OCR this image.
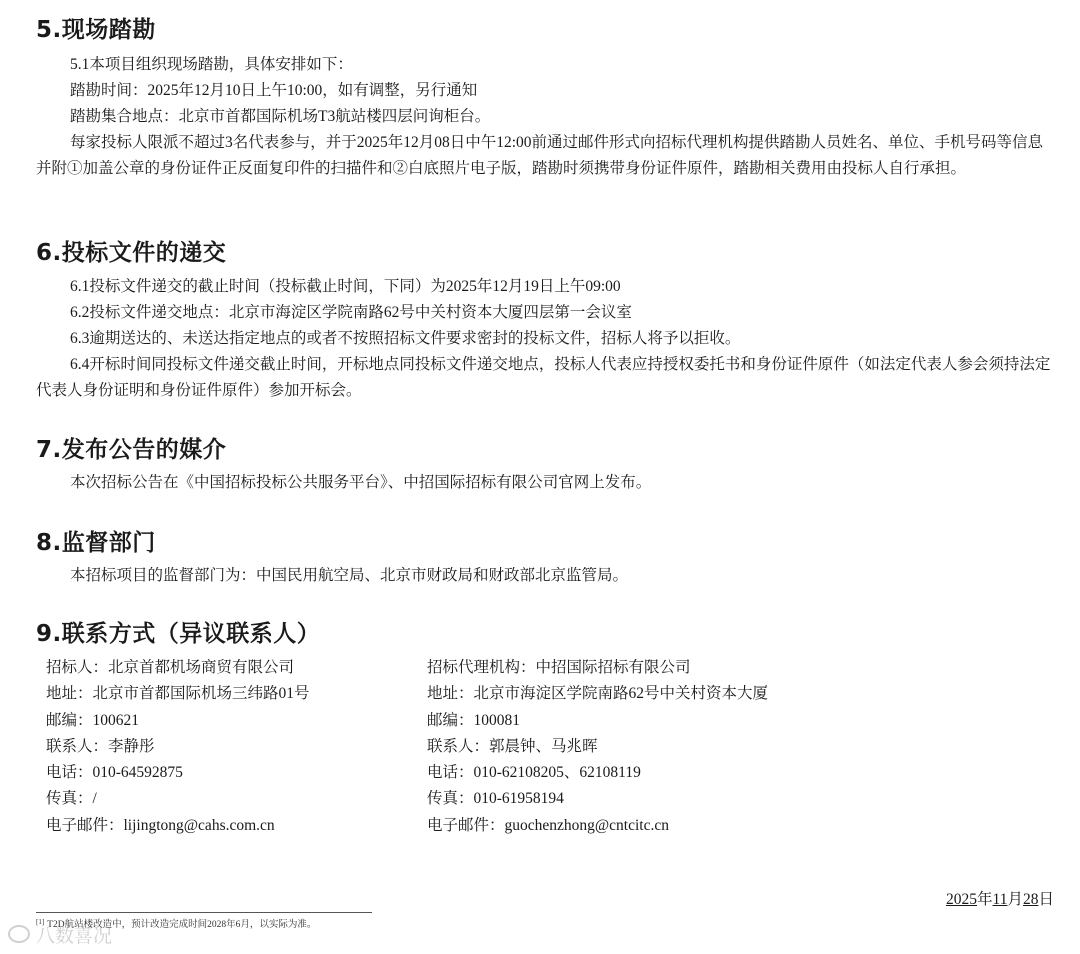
5.现场踏勘

5.1本项目组织现场踏勘，具体安排如下：

踏勘时间：2025年12月10日上午10:00，如有调整，另行通知

踏勘集合地点：北京市首都国际机场T3航站楼四层问询柜台。

每家投标人限派不超过3名代表参与，并于2025年12月08日中午12:00前通过邮件形式向招标代理机构提供踏勘人员姓名、单位、手机号码等信息并附①加盖公章的身份证件正反面复印件的扫描件和②白底照片电子版，踏勘时须携带身份证件原件，踏勘相关费用由投标人自行承担。

6.投标文件的递交

6.1投标文件递交的截止时间（投标截止时间，下同）为2025年12月19日上午09:00

6.2投标文件递交地点：北京市海淀区学院南路62号中关村资本大厦四层第一会议室

6.3逾期送达的、未送达指定地点的或者不按照招标文件要求密封的投标文件，招标人将予以拒收。

6.4开标时间同投标文件递交截止时间，开标地点同投标文件递交地点，投标人代表应持授权委托书和身份证件原件（如法定代表人参会须持法定代表人身份证明和身份证件原件）参加开标会。

7.发布公告的媒介

本次招标公告在《中国招标投标公共服务平台》、中招国际招标有限公司官网上发布。

8.监督部门

本招标项目的监督部门为：中国民用航空局、北京市财政局和财政部北京监管局。

9.联系方式（异议联系人）
招标人：北京首都机场商贸有限公司
地址：北京市首都国际机场三纬路01号
邮编：100621
联系人：李静彤
电话：010-64592875
传真：/
电子邮件：lijingtong@cahs.com.cn
招标代理机构：中招国际招标有限公司
地址：北京市海淀区学院南路62号中关村资本大厦
邮编：100081
联系人：郭晨钟、马兆晖
电话：010-62108205、62108119
传真：010-61958194
电子邮件：guochenzhong@cntcitc.cn
2025年11月28日
[1] T2D航站楼改造中，预计改造完成时间2028年6月，以实际为准。
八数喜况
